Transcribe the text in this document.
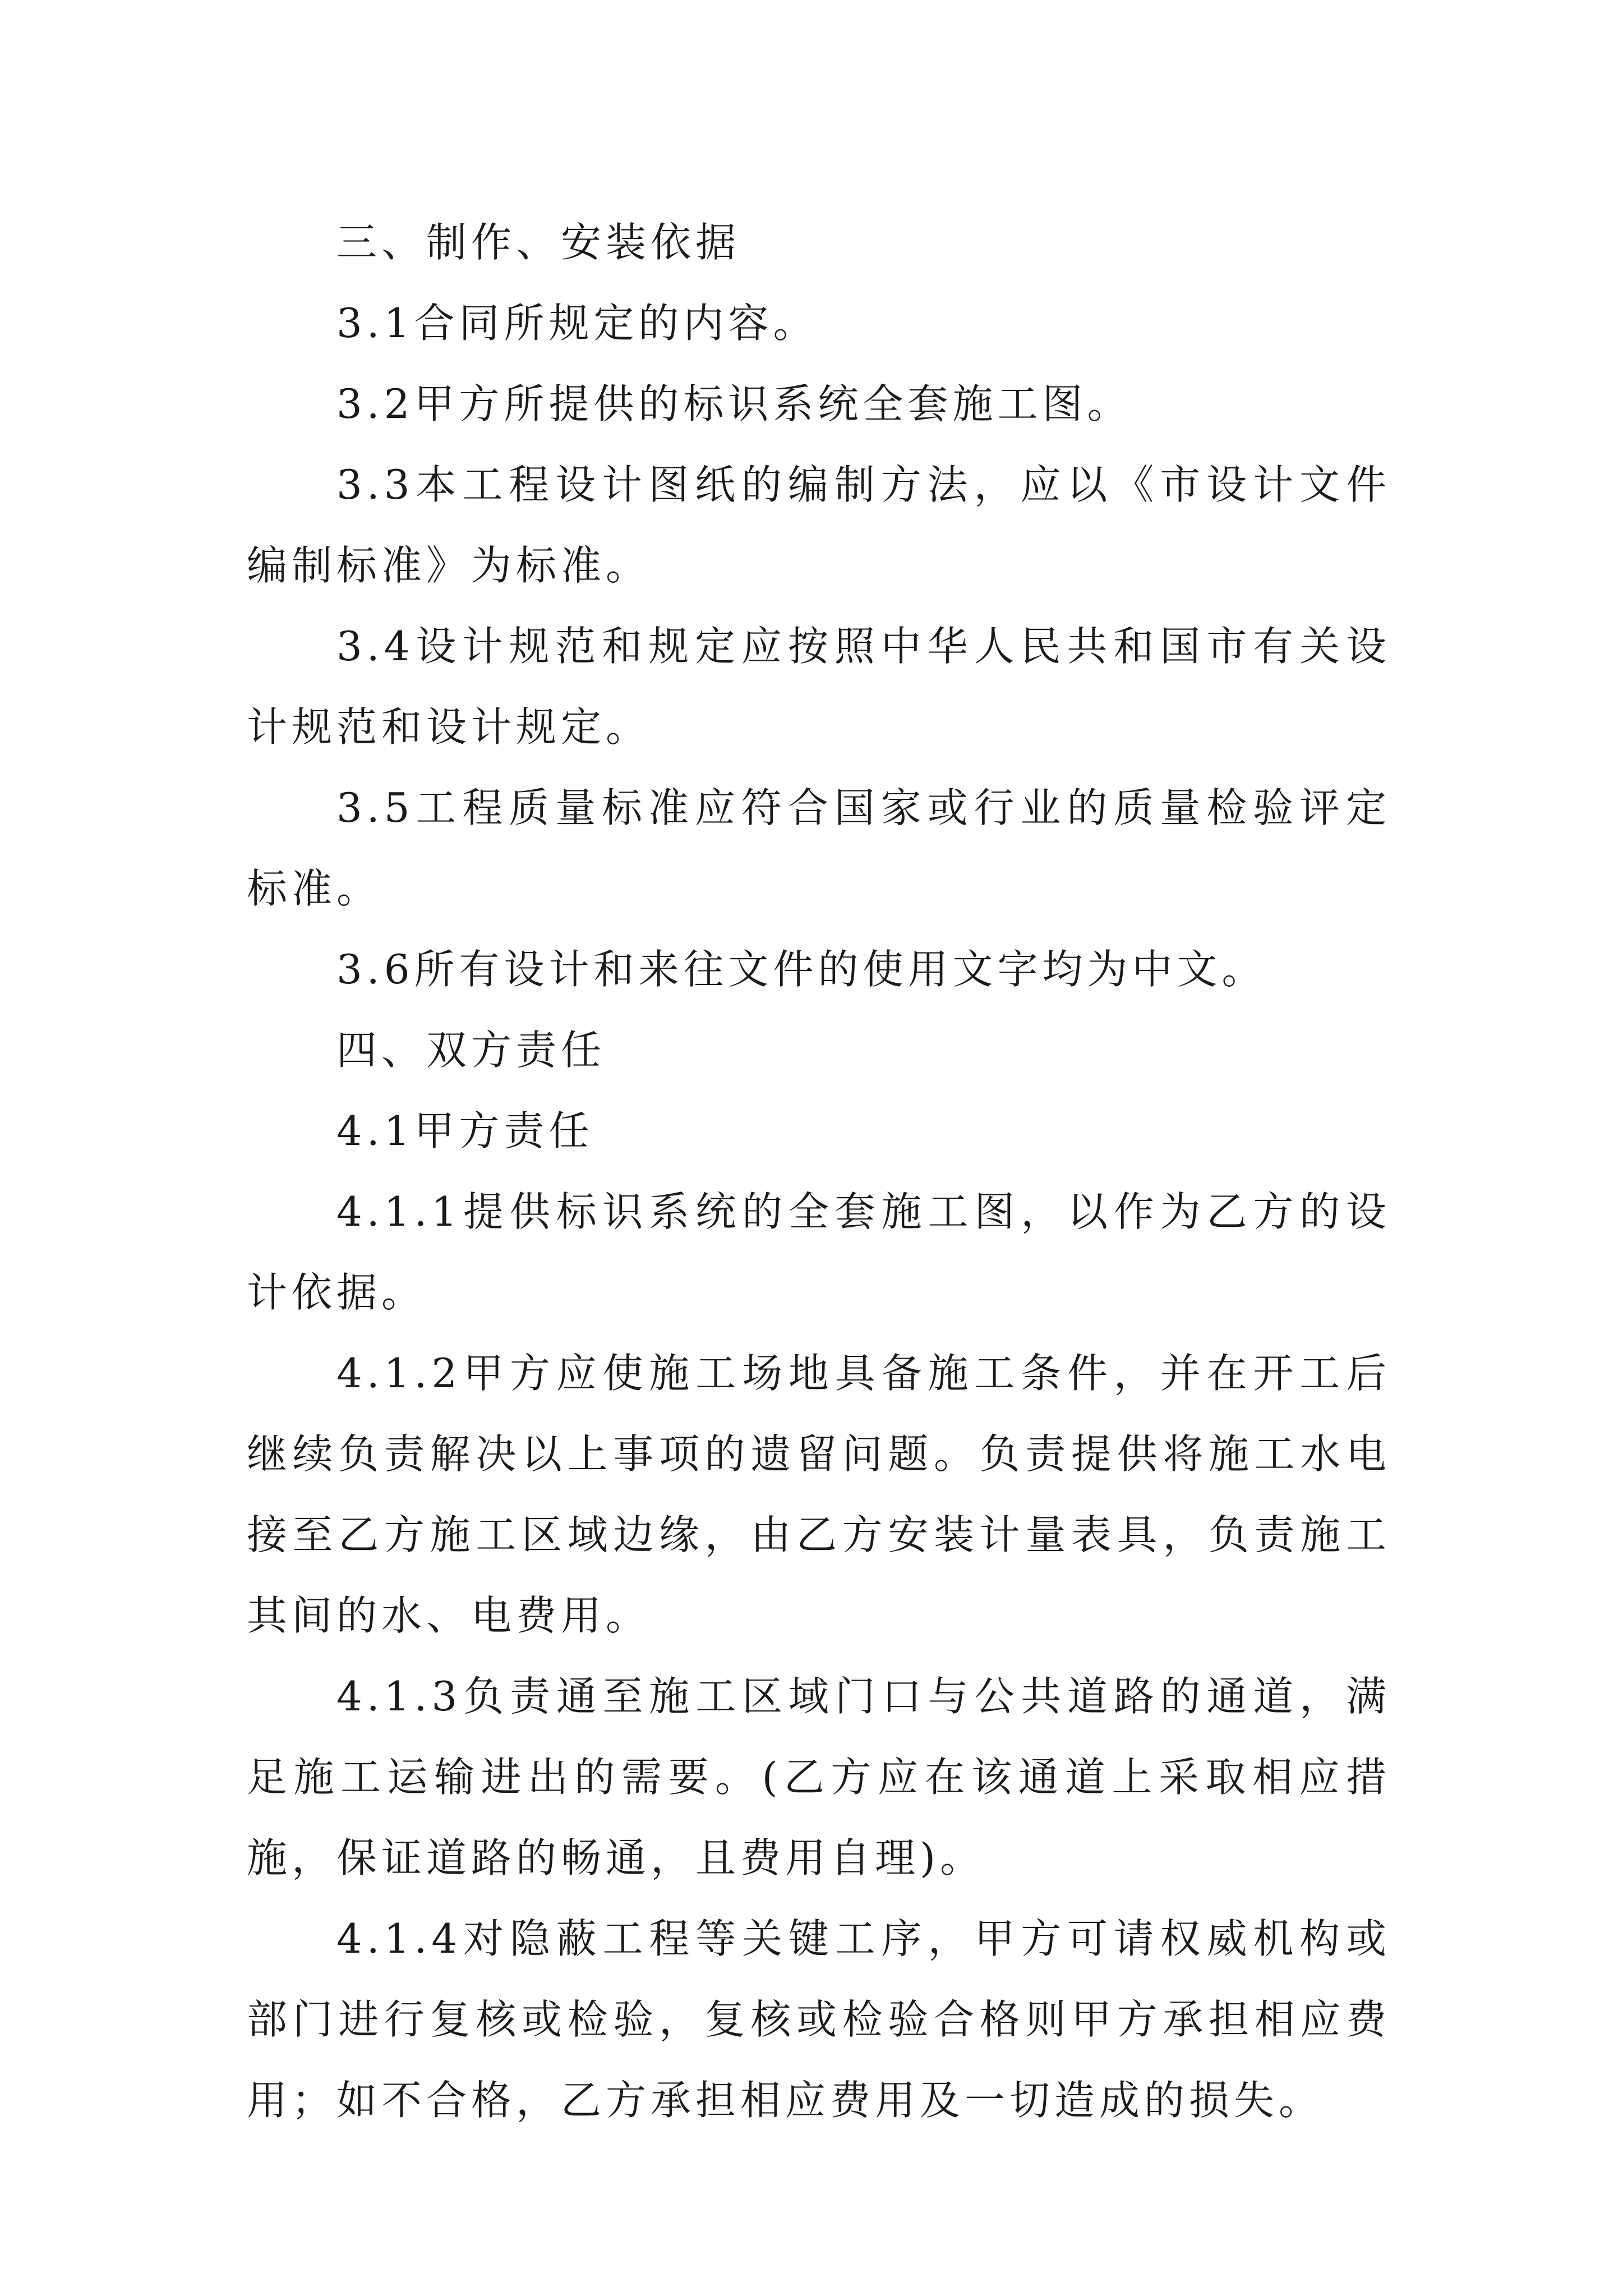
三、制作、安装依据

3.1合同所规定的内容。

3.2甲方所提供的标识系统全套施工图。

3.3本工程设计图纸的编制方法，应以《市设计文件编制标准》为标准。

3.4设计规范和规定应按照中华人民共和国市有关设计规范和设计规定。

3.5工程质量标准应符合国家或行业的质量检验评定标准。

3.6所有设计和来往文件的使用文字均为中文。

四、双方责任

4.1甲方责任

4.1.1提供标识系统的全套施工图，以作为乙方的设计依据。

4.1.2甲方应使施工场地具备施工条件，并在开工后继续负责解决以上事项的遗留问题。负责提供将施工水电接至乙方施工区域边缘，由乙方安装计量表具，负责施工其间的水、电费用。

4.1.3负责通至施工区域门口与公共道路的通道，满足施工运输进出的需要。(乙方应在该通道上采取相应措施，保证道路的畅通，且费用自理)。

4.1.4对隐蔽工程等关键工序，甲方可请权威机构或部门进行复核或检验，复核或检验合格则甲方承担相应费用；如不合格，乙方承担相应费用及一切造成的损失。
